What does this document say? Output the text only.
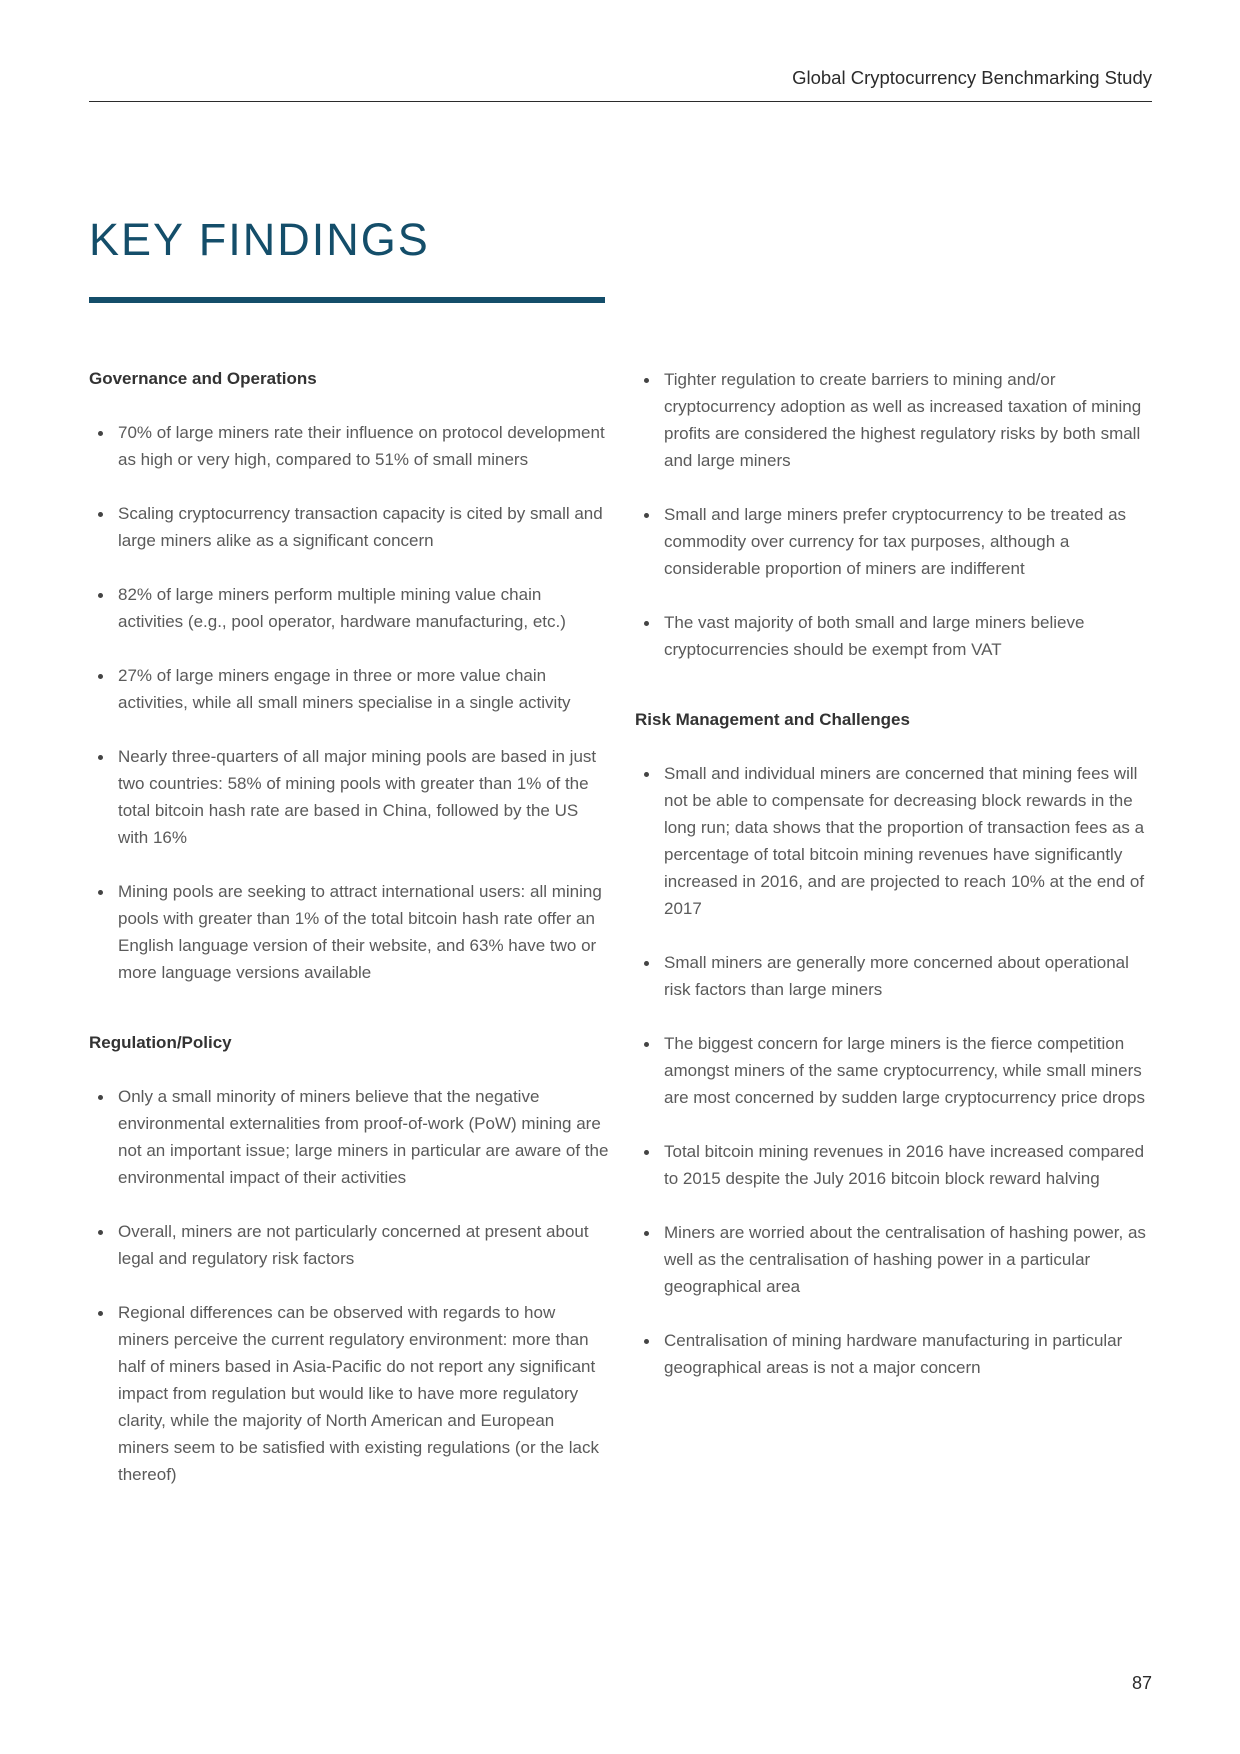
Global Cryptocurrency Benchmarking Study
KEY FINDINGS
Governance and Operations
70% of large miners rate their influence on protocol development as high or very high, compared to 51% of small miners
Scaling cryptocurrency transaction capacity is cited by small and large miners alike as a significant concern
82% of large miners perform multiple mining value chain activities (e.g., pool operator, hardware manufacturing, etc.)
27% of large miners engage in three or more value chain activities, while all small miners specialise in a single activity
Nearly three-quarters of all major mining pools are based in just two countries: 58% of mining pools with greater than 1% of the total bitcoin hash rate are based in China, followed by the US with 16%
Mining pools are seeking to attract international users: all mining pools with greater than 1% of the total bitcoin hash rate offer an English language version of their website, and 63% have two or more language versions available
Regulation/Policy
Only a small minority of miners believe that the negative environmental externalities from proof-of-work (PoW) mining are not an important issue; large miners in particular are aware of the environmental impact of their activities
Overall, miners are not particularly concerned at present about legal and regulatory risk factors
Regional differences can be observed with regards to how miners perceive the current regulatory environment: more than half of miners based in Asia-Pacific do not report any significant impact from regulation but would like to have more regulatory clarity, while the majority of North American and European miners seem to be satisfied with existing regulations (or the lack thereof)
Tighter regulation to create barriers to mining and/or cryptocurrency adoption as well as increased taxation of mining profits are considered the highest regulatory risks by both small and large miners
Small and large miners prefer cryptocurrency to be treated as commodity over currency for tax purposes, although a considerable proportion of miners are indifferent
The vast majority of both small and large miners believe cryptocurrencies should be exempt from VAT
Risk Management and Challenges
Small and individual miners are concerned that mining fees will not be able to compensate for decreasing block rewards in the long run; data shows that the proportion of transaction fees as a percentage of total bitcoin mining revenues have significantly increased in 2016, and are projected to reach 10% at the end of 2017
Small miners are generally more concerned about operational risk factors than large miners
The biggest concern for large miners is the fierce competition amongst miners of the same cryptocurrency, while small miners are most concerned by sudden large cryptocurrency price drops
Total bitcoin mining revenues in 2016 have increased compared to 2015 despite the July 2016 bitcoin block reward halving
Miners are worried about the centralisation of hashing power, as well as the centralisation of hashing power in a particular geographical area
Centralisation of mining hardware manufacturing in particular geographical areas is not a major concern
87
